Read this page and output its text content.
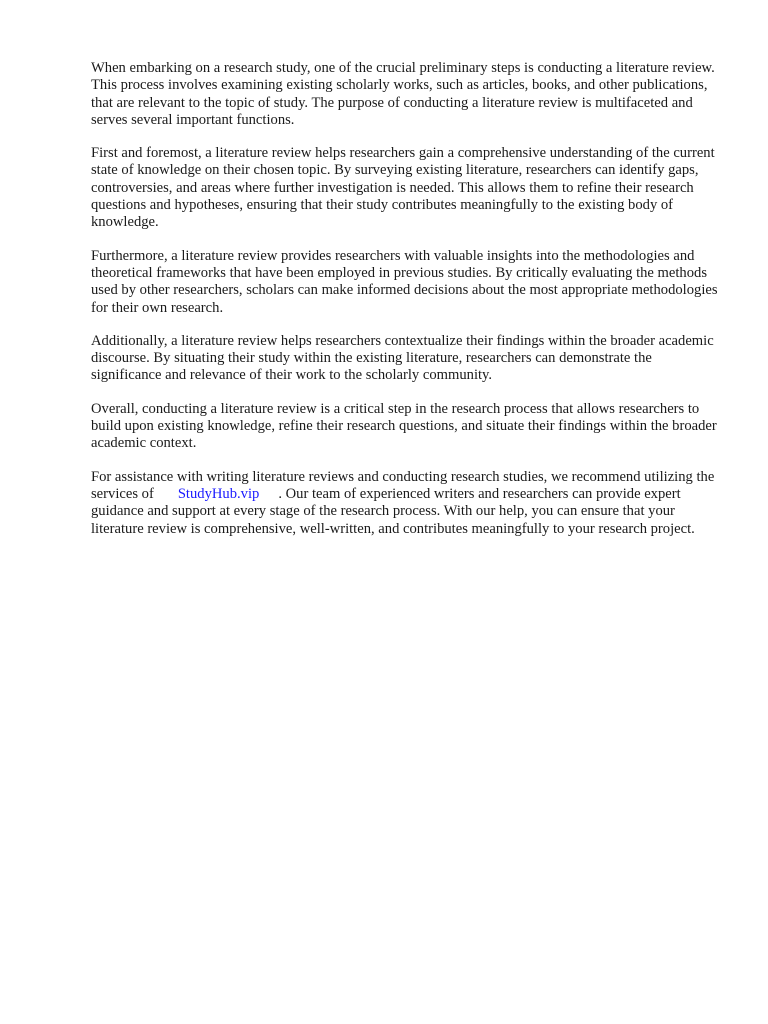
When embarking on a research study, one of the crucial preliminary steps is conducting a literature review. This process involves examining existing scholarly works, such as articles, books, and other publications, that are relevant to the topic of study. The purpose of conducting a literature review is multifaceted and serves several important functions.

First and foremost, a literature review helps researchers gain a comprehensive understanding of the current state of knowledge on their chosen topic. By surveying existing literature, researchers can identify gaps, controversies, and areas where further investigation is needed. This allows them to refine their research questions and hypotheses, ensuring that their study contributes meaningfully to the existing body of knowledge.

Furthermore, a literature review provides researchers with valuable insights into the methodologies and theoretical frameworks that have been employed in previous studies. By critically evaluating the methods used by other researchers, scholars can make informed decisions about the most appropriate methodologies for their own research.

Additionally, a literature review helps researchers contextualize their findings within the broader academic discourse. By situating their study within the existing literature, researchers can demonstrate the significance and relevance of their work to the scholarly community.

Overall, conducting a literature review is a critical step in the research process that allows researchers to build upon existing knowledge, refine their research questions, and situate their findings within the broader academic context.

For assistance with writing literature reviews and conducting research studies, we recommend utilizing the services of StudyHub.vip . Our team of experienced writers and researchers can provide expert guidance and support at every stage of the research process. With our help, you can ensure that your literature review is comprehensive, well-written, and contributes meaningfully to your research project.
